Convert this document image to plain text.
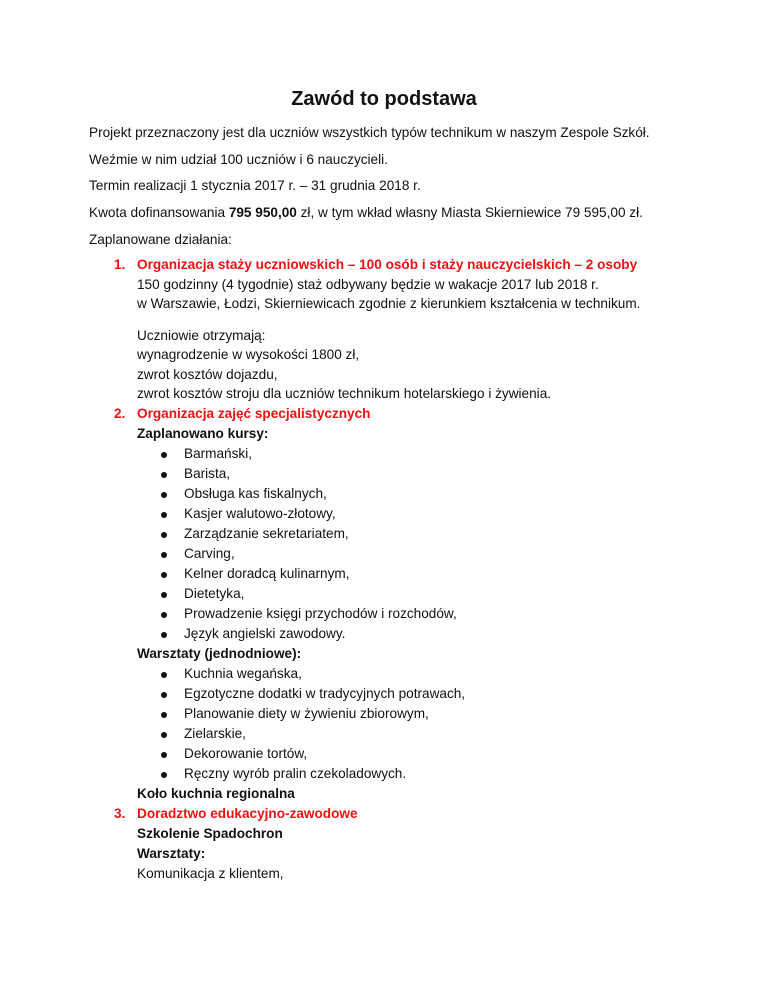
Zawód to podstawa
Projekt przeznaczony jest dla uczniów wszystkich typów technikum w naszym Zespole Szkół.
Weźmie w nim udział 100 uczniów i 6 nauczycieli.
Termin realizacji 1 stycznia 2017 r. – 31 grudnia 2018 r.
Kwota dofinansowania 795 950,00 zł, w tym wkład własny Miasta Skierniewice 79 595,00 zł.
Zaplanowane działania:
1. Organizacja staży uczniowskich – 100 osób i staży nauczycielskich – 2 osoby
150 godzinny (4 tygodnie) staż odbywany będzie w wakacje 2017 lub 2018 r.
w Warszawie, Łodzi, Skierniewicach zgodnie z kierunkiem kształcenia w technikum.
Uczniowie otrzymają:
wynagrodzenie w wysokości 1800 zł,
zwrot kosztów dojazdu,
zwrot kosztów stroju dla uczniów technikum hotelarskiego i żywienia.
2. Organizacja zajęć specjalistycznych
Zaplanowano kursy:
Barmański,
Barista,
Obsługa kas fiskalnych,
Kasjer walutowo-złotowy,
Zarządzanie sekretariatem,
Carving,
Kelner doradcą kulinarnym,
Dietetyka,
Prowadzenie księgi przychodów i rozchodów,
Język angielski zawodowy.
Warsztaty (jednodniowe):
Kuchnia wegańska,
Egzotyczne dodatki w tradycyjnych potrawach,
Planowanie diety w żywieniu zbiorowym,
Zielarskie,
Dekorowanie tortów,
Ręczny wyrób pralin czekoladowych.
Koło kuchnia regionalna
3. Doradztwo edukacyjno-zawodowe
Szkolenie Spadochron
Warsztaty:
Komunikacja z klientem,
